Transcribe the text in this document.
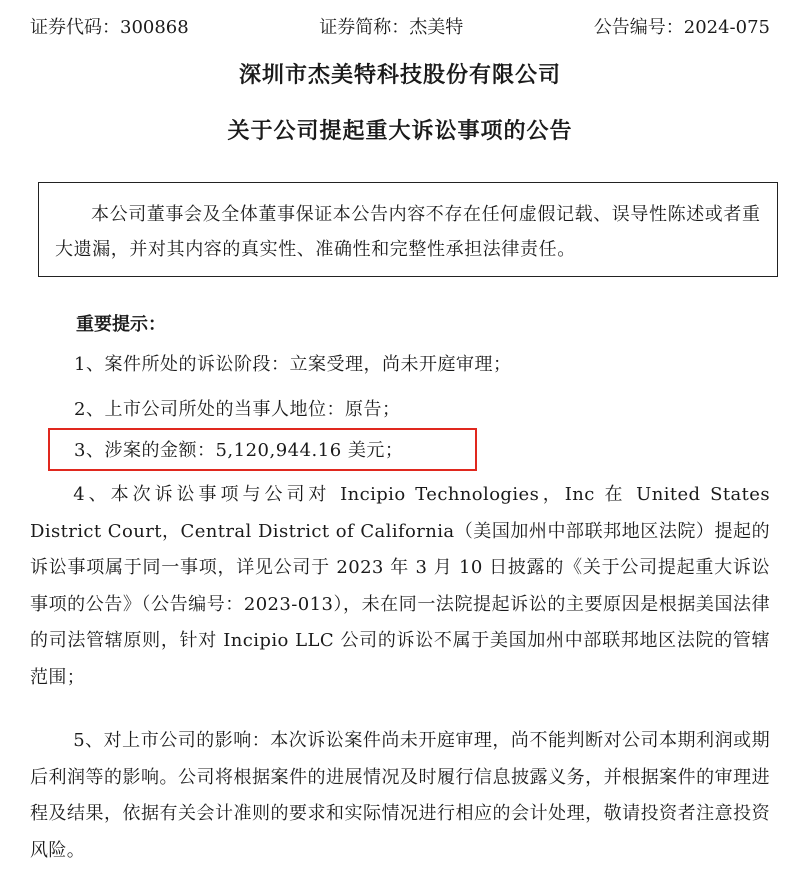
证券代码：300868	证券简称：杰美特	公告编号：2024-075
深圳市杰美特科技股份有限公司
关于公司提起重大诉讼事项的公告
本公司董事会及全体董事保证本公告内容不存在任何虚假记载、误导性陈述或者重大遗漏，并对其内容的真实性、准确性和完整性承担法律责任。
重要提示：
1、案件所处的诉讼阶段：立案受理，尚未开庭审理；
2、上市公司所处的当事人地位：原告；
3、涉案的金额：5,120,944.16 美元；
4、本次诉讼事项与公司对 Incipio Technologies，Inc 在 United States District Court，Central District of California（美国加州中部联邦地区法院）提起的诉讼事项属于同一事项，详见公司于 2023 年 3 月 10 日披露的《关于公司提起重大诉讼事项的公告》（公告编号：2023-013），未在同一法院提起诉讼的主要原因是根据美国法律的司法管辖原则，针对 Incipio LLC 公司的诉讼不属于美国加州中部联邦地区法院的管辖范围；
5、对上市公司的影响：本次诉讼案件尚未开庭审理，尚不能判断对公司本期利润或期后利润等的影响。公司将根据案件的进展情况及时履行信息披露义务，并根据案件的审理进程及结果，依据有关会计准则的要求和实际情况进行相应的会计处理，敬请投资者注意投资风险。
